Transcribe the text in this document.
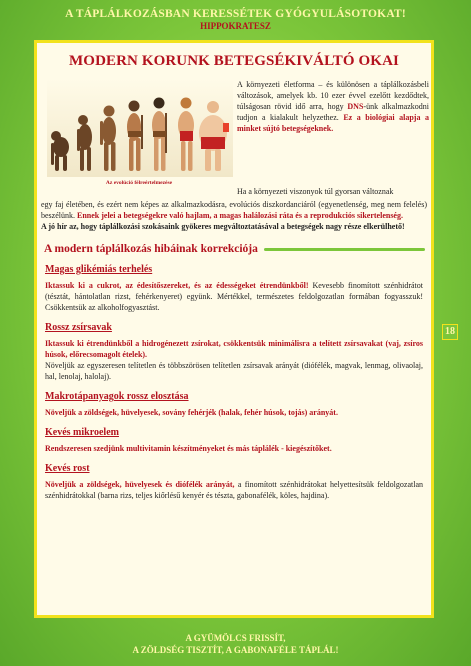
A TÁPLÁLKOZÁSBAN KERESSÉTEK GYÓGYULÁSOTOKAT!
HIPPOKRATESZ
MODERN KORUNK BETEGSÉKIVÁLTÓ OKAI
Az evolúció félreértelmezése
A környezeti életforma – és különösen a táplálkozásbeli változások, amelyek kb. 10 ezer évvel ezelőtt kezdődtek, túlságosan rövid idő arra, hogy DNS-ünk alkalmazkodni tudjon a kialakult helyzethez. Ez a biológiai alapja a minket sújtó betegségeknek.
Ha a környezeti viszonyok túl gyorsan változnak

egy faj életében, és ezért nem képes az alkalmazkodásra, evolúciós diszkordanciáról (egyenetlenség, meg nem felelés) beszélünk. Ennek jelei a betegségekre való hajlam, a magas halálozási ráta és a reprodukciós sikertelenség.

A jó hír az, hogy táplálkozási szokásaink gyökeres megváltoztatásával a betegségek nagy része elkerülhető!

A modern táplálkozás hibáinak korrekciója
Magas glikémiás terhelés

Iktassuk ki a cukrot, az édesítőszereket, és az édességeket étrendünkből! Kevesebb finomított szénhidrátot (tésztát, hántolatlan rizst, fehérkenyeret) együnk. Mértékkel, természetes feldolgozatlan formában fogyasszuk! Csökkentsük az alkoholfogyasztást.

Rossz zsírsavak

Iktassuk ki étrendünkből a hidrogénezett zsírokat, csökkentsük minimálisra a telített zsírsavakat (vaj, zsíros húsok, előrecsomagolt ételek).
Növeljük az egyszeresen telítetlen és többszörösen telítetlen zsírsavak arányát (diófélék, magvak, lenmag, olivaolaj, hal, lenolaj, halolaj).

Makrotápanyagok rossz elosztása

Növeljük a zöldségek, hüvelyesek, sovány fehérjék (halak, fehér húsok, tojás) arányát.

Kevés mikroelem

Rendszeresen szedjünk multivitamin készítményeket és más táplálék - kiegészítőket.

Kevés rost

Növeljük a zöldségek, hüvelyesek és diófélék arányát, a finomított szénhidrátokat helyettesítsük feldolgozatlan szénhidrátokkal (barna rizs, teljes kiőrlésű kenyér és tészta, gabonafélék, köles, hajdina).

18
A GYÜMÖLCS FRISSÍT,
A ZÖLDSÉG TISZTÍT, A GABONAFÉLE TÁPLÁL!
